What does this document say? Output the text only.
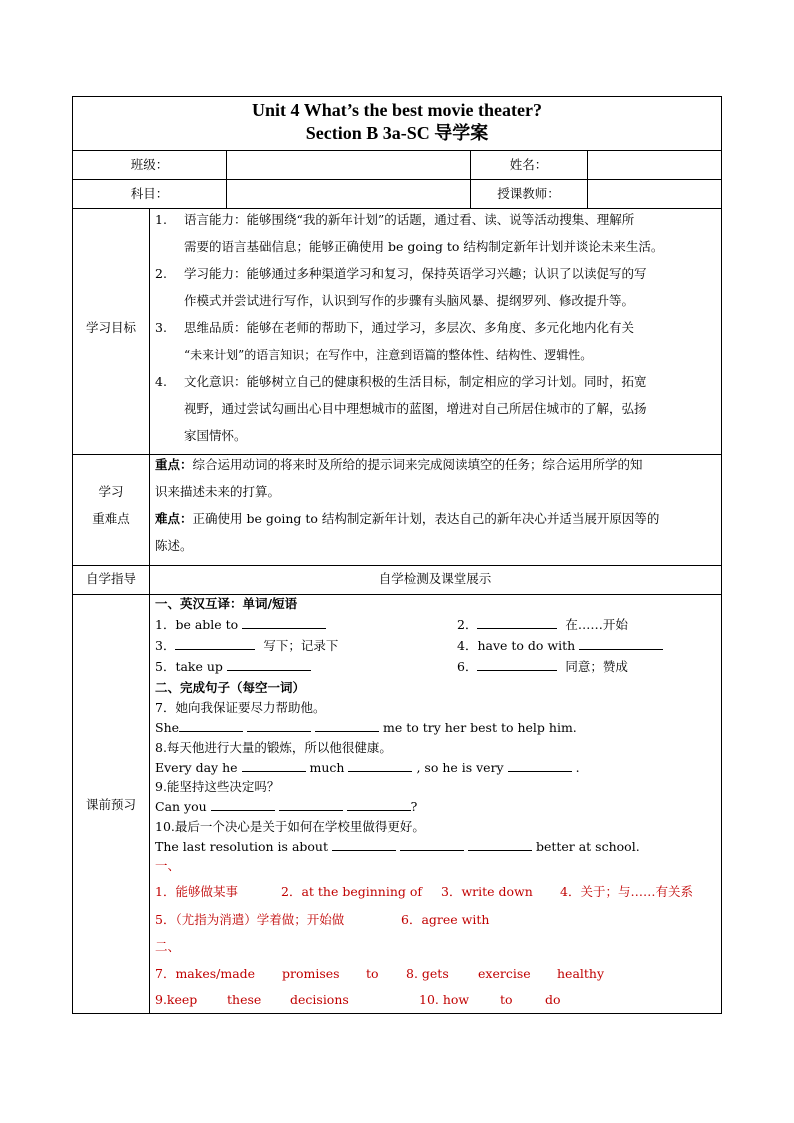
Unit 4 What’s the best movie theater?
Section B 3a-SC 导学案
班级：	姓名：
科目：	授课教师：
学习目标
1. 语言能力：能够围绕“我的新年计划”的话题，通过看、读、说等活动搜集、理解所
需要的语言基础信息；能够正确使用 be going to 结构制定新年计划并谈论未来生活。
2. 学习能力：能够通过多种渠道学习和复习，保持英语学习兴趣；认识了以读促写的写
作模式并尝试进行写作，认识到写作的步骤有头脑风暴、提纲罗列、修改提升等。
3. 思维品质：能够在老师的帮助下，通过学习，多层次、多角度、多元化地内化有关
“未来计划”的语言知识；在写作中，注意到语篇的整体性、结构性、逻辑性。
4. 文化意识：能够树立自己的健康积极的生活目标，制定相应的学习计划。同时，拓宽
视野，通过尝试勾画出心目中理想城市的蓝图，增进对自己所居住城市的了解，弘扬
家国情怀。
学习
重难点
重点：综合运用动词的将来时及所给的提示词来完成阅读填空的任务；综合运用所学的知
识来描述未来的打算。
难点：正确使用 be going to 结构制定新年计划，表达自己的新年决心并适当展开原因等的
陈述。
自学指导	自学检测及课堂展示
课前预习
一、英汉互译：单词/短语
1．be able to	2．	在……开始
3．	写下；记录下	4．have to do with
5．take up	6．	同意；赞成
二、完成句子（每空一词）
7．她向我保证要尽力帮助他。
She	me to try her best to help him.
8.每天他进行大量的锻炼，所以他很健康。
Every day he	much	, so he is very	.
9.能坚持这些决定吗？
Can you	?
10.最后一个决心是关于如何在学校里做得更好。
The last resolution is about	better at school.
一、
1．能够做某事	2．at the beginning of 3．write down 4．关于；与……有关系
5．（尤指为消遣）学着做；开始做	6．agree with
二、
7．makes/made promises to 8. gets exercise healthy
9.keep these decisions	10. how to	do
